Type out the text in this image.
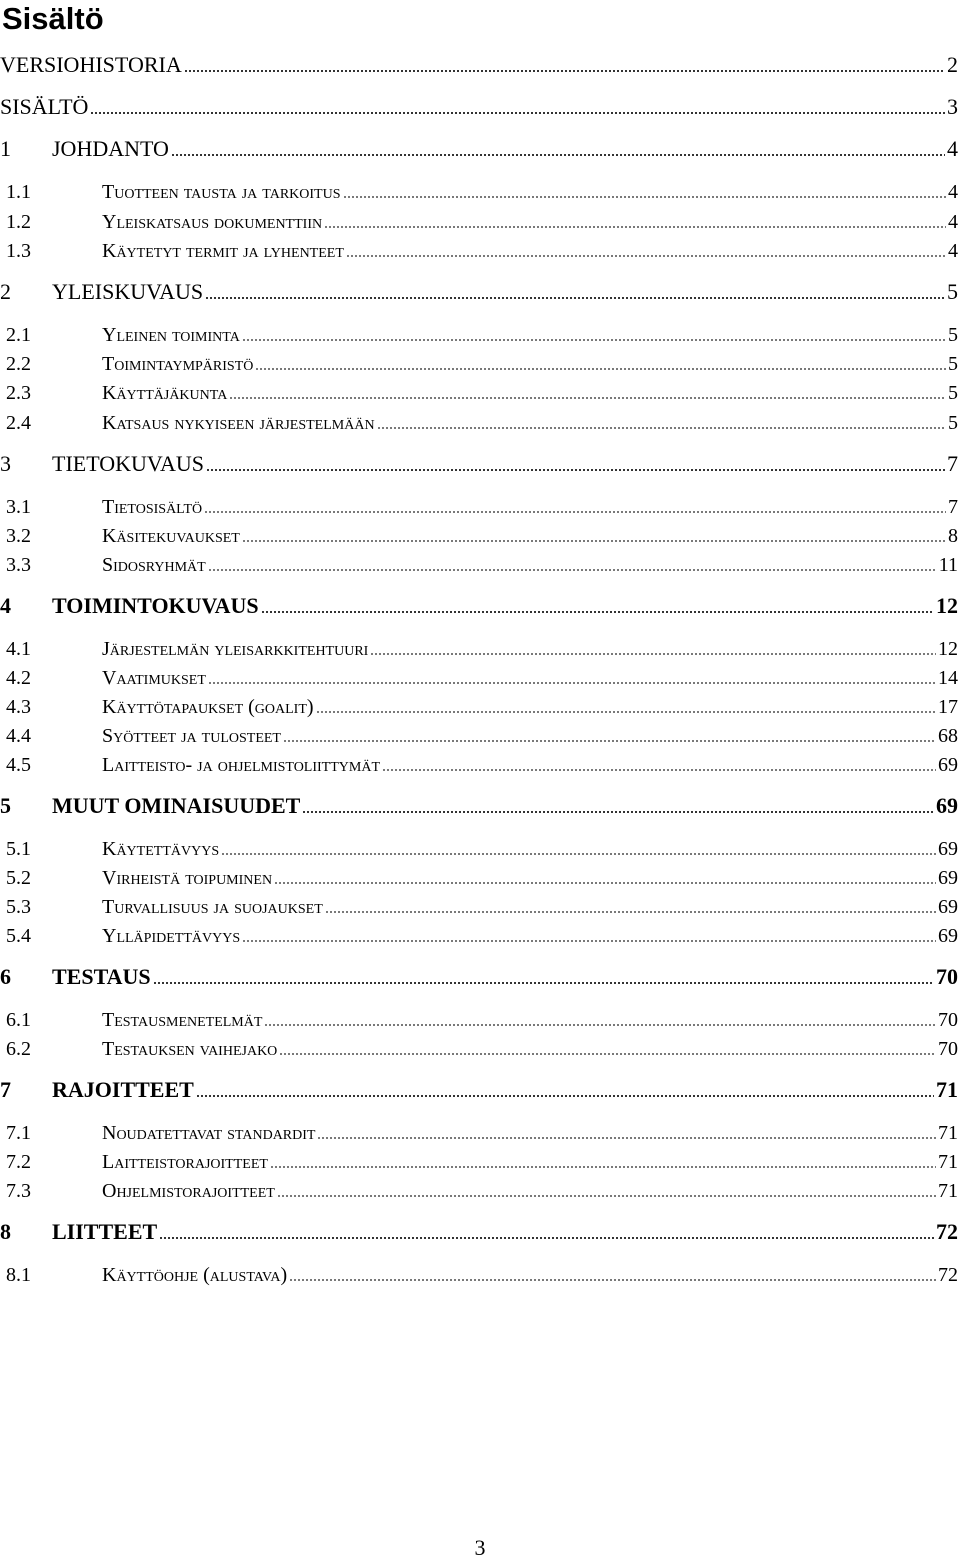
Sisältö
VERSIOHISTORIA	2
SISÄLTÖ	3
1	JOHDANTO	4
1.1	Tuotteen tausta ja tarkoitus	4
1.2	Yleiskatsaus dokumenttiin	4
1.3	Käytetyt termit ja lyhenteet	4
2	YLEISKUVAUS	5
2.1	Yleinen toiminta	5
2.2	Toimintaympäristö	5
2.3	Käyttäjäkunta	5
2.4	Katsaus nykyiseen järjestelmään	5
3	TIETOKUVAUS	7
3.1	Tietosisältö	7
3.2	Käsitekuvaukset	8
3.3	Sidosryhmät	11
4	TOIMINTOKUVAUS	12
4.1	Järjestelmän yleisarkkitehtuuri	12
4.2	Vaatimukset	14
4.3	Käyttötapaukset (goalit)	17
4.4	Syötteet ja tulosteet	68
4.5	Laitteisto- ja ohjelmistoliittymät	69
5	MUUT OMINAISUUDET	69
5.1	Käytettävyys	69
5.2	Virheistä toipuminen	69
5.3	Turvallisuus ja suojaukset	69
5.4	Ylläpidettävyys	69
6	TESTAUS	70
6.1	Testausmenetelmät	70
6.2	Testauksen vaihejako	70
7	RAJOITTEET	71
7.1	Noudatettavat standardit	71
7.2	Laitteistorajoitteet	71
7.3	Ohjelmistorajoitteet	71
8	LIITTEET	72
8.1	Käyttöohje (alustava)	72
3
